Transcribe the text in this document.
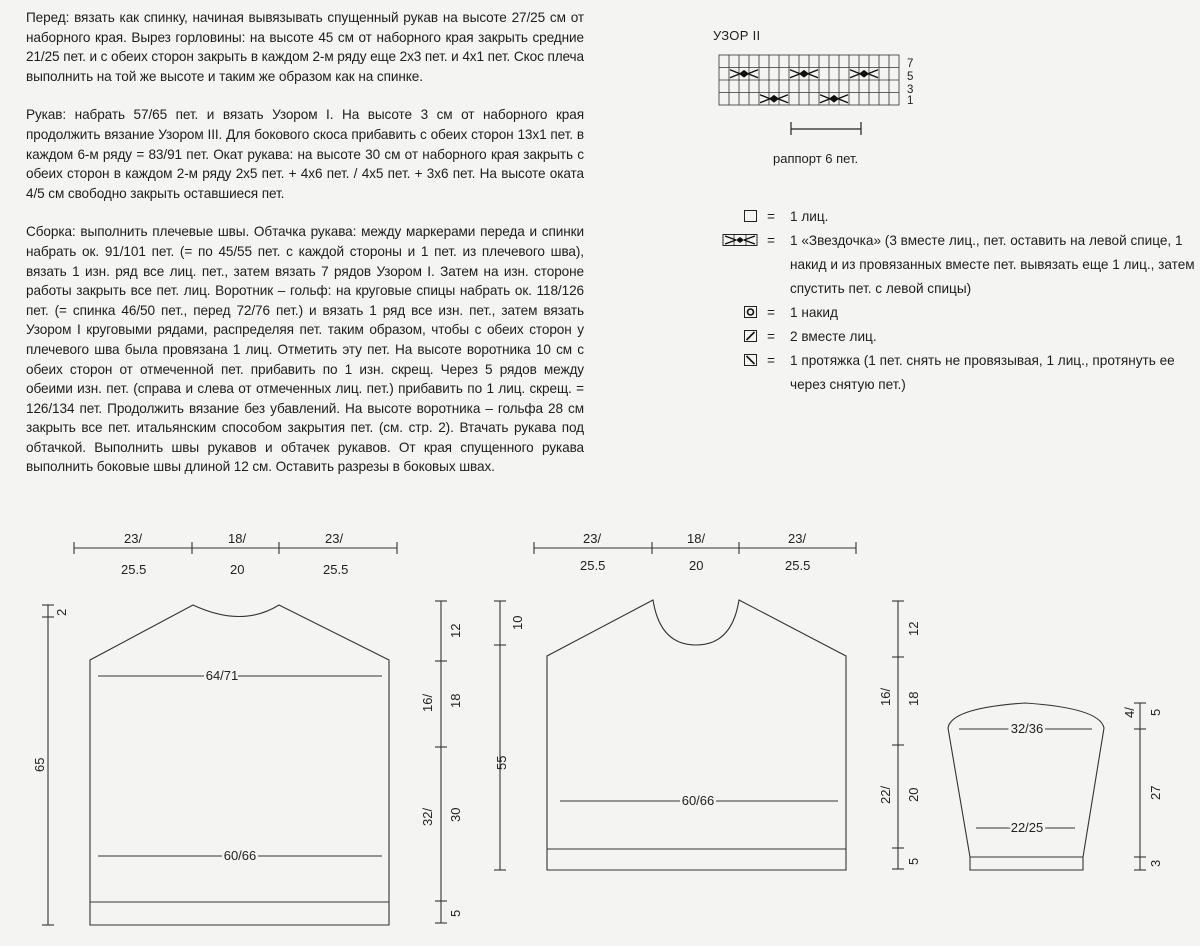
Перед: вязать как спинку, начиная вывязывать спущенный рукав на высоте 27/25 см от наборного края. Вырез горловины: на высоте 45 см от наборного края закрыть средние 21/25 пет. и с обеих сторон закрыть в каждом 2-м ряду еще 2x3 пет. и 4x1 пет. Скос плеча выполнить на той же высоте и таким же образом как на спинке.

Рукав: набрать 57/65 пет. и вязать Узором I. На высоте 3 см от наборного края продолжить вязание Узором III. Для бокового скоса прибавить с обеих сторон 13x1 пет. в каждом 6-м ряду = 83/91 пет. Окат рукава: на высоте 30 см от наборного края закрыть с обеих сторон в каждом 2-м ряду 2x5 пет. + 4x6 пет. / 4x5 пет. + 3x6 пет. На высоте оката 4/5 см свободно закрыть оставшиеся пет.

Сборка: выполнить плечевые швы. Обтачка рукава: между маркерами переда и спинки набрать ок. 91/101 пет. (= по 45/55 пет. с каждой стороны и 1 пет. из плечевого шва), вязать 1 изн. ряд все лиц. пет., затем вязать 7 рядов Узором I. Затем на изн. стороне работы закрыть все пет. лиц. Воротник – гольф: на круговые спицы набрать ок. 118/126 пет. (= спинка 46/50 пет., перед 72/76 пет.) и вязать 1 ряд все изн. пет., затем вязать Узором I круговыми рядами, распределяя пет. таким образом, чтобы с обеих сторон у плечевого шва была провязана 1 лиц. Отметить эту пет. На высоте воротника 10 см с обеих сторон от отмеченной пет. прибавить по 1 изн. скрещ. Через 5 рядов между обеими изн. пет. (справа и слева от отмеченных лиц. пет.) прибавить по 1 лиц. скрещ. = 126/134 пет. Продолжить вязание без убавлений. На высоте воротника – гольфа 28 см закрыть все пет. итальянским способом закрытия пет. (см. стр. 2). Втачать рукава под обтачкой. Выполнить швы рукавов и обтачек рукавов. От края спущенного рукава выполнить боковые швы длиной 12 см. Оставить разрезы в боковых швах.

УЗОР II
7
5
3
1
раппорт 6 пет.
= 1 лиц.
= 1 «Звездочка» (3 вместе лиц., пет. оставить на левой спице, 1 накид и из провязанных вместе пет. вывязать еще 1 лиц., затем спустить пет. с левой спицы)
= 1 накид
= 2 вместе лиц.
= 1 протяжка (1 пет. снять не провязывая, 1 лиц., протянуть ее через снятую пет.)
23/
25.5
18/
20
23/
25.5
64/71
60/66
65
2
12
16/ 18
32/ 30
5
23/
25.5
18/
20
23/
25.5
60/66
55
10	12
16/ 18
22/ 20
5
32/36
22/25
4/ 5
27
3
